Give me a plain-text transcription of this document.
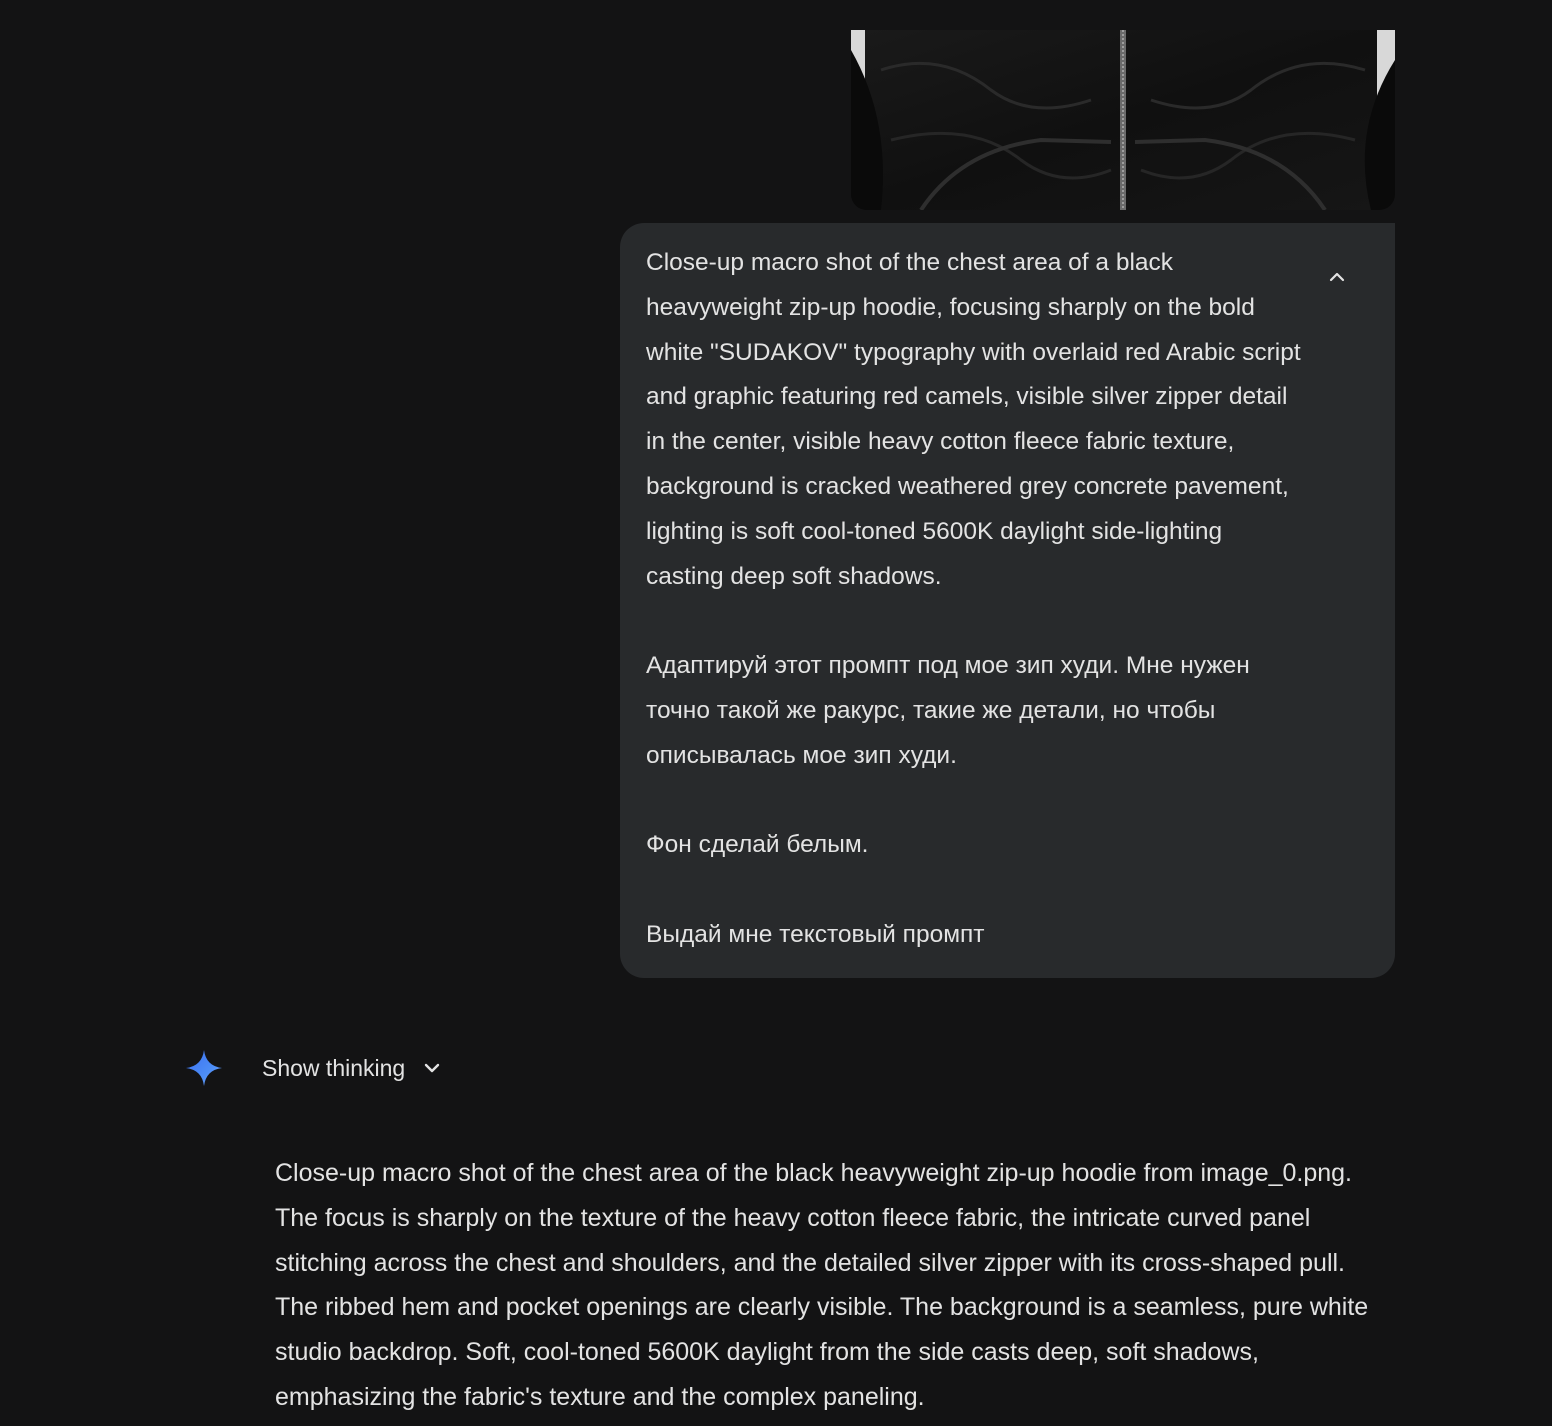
Close-up macro shot of the chest area of a black heavyweight zip-up hoodie, focusing sharply on the bold white "SUDAKOV" typography with overlaid red Arabic script and graphic featuring red camels, visible silver zipper detail in the center, visible heavy cotton fleece fabric texture, background is cracked weathered grey concrete pavement, lighting is soft cool-toned 5600K daylight side-lighting casting deep soft shadows.

Адаптируй этот промпт под мое зип худи. Мне нужен точно такой же ракурс, такие же детали, но чтобы описывалась мое зип худи.

Фон сделай белым.

Выдай мне текстовый промпт

Show thinking

Close-up macro shot of the chest area of the black heavyweight zip-up hoodie from image_0.png. The focus is sharply on the texture of the heavy cotton fleece fabric, the intricate curved panel stitching across the chest and shoulders, and the detailed silver zipper with its cross-shaped pull. The ribbed hem and pocket openings are clearly visible. The background is a seamless, pure white studio backdrop. Soft, cool-toned 5600K daylight from the side casts deep, soft shadows, emphasizing the fabric's texture and the complex paneling.
